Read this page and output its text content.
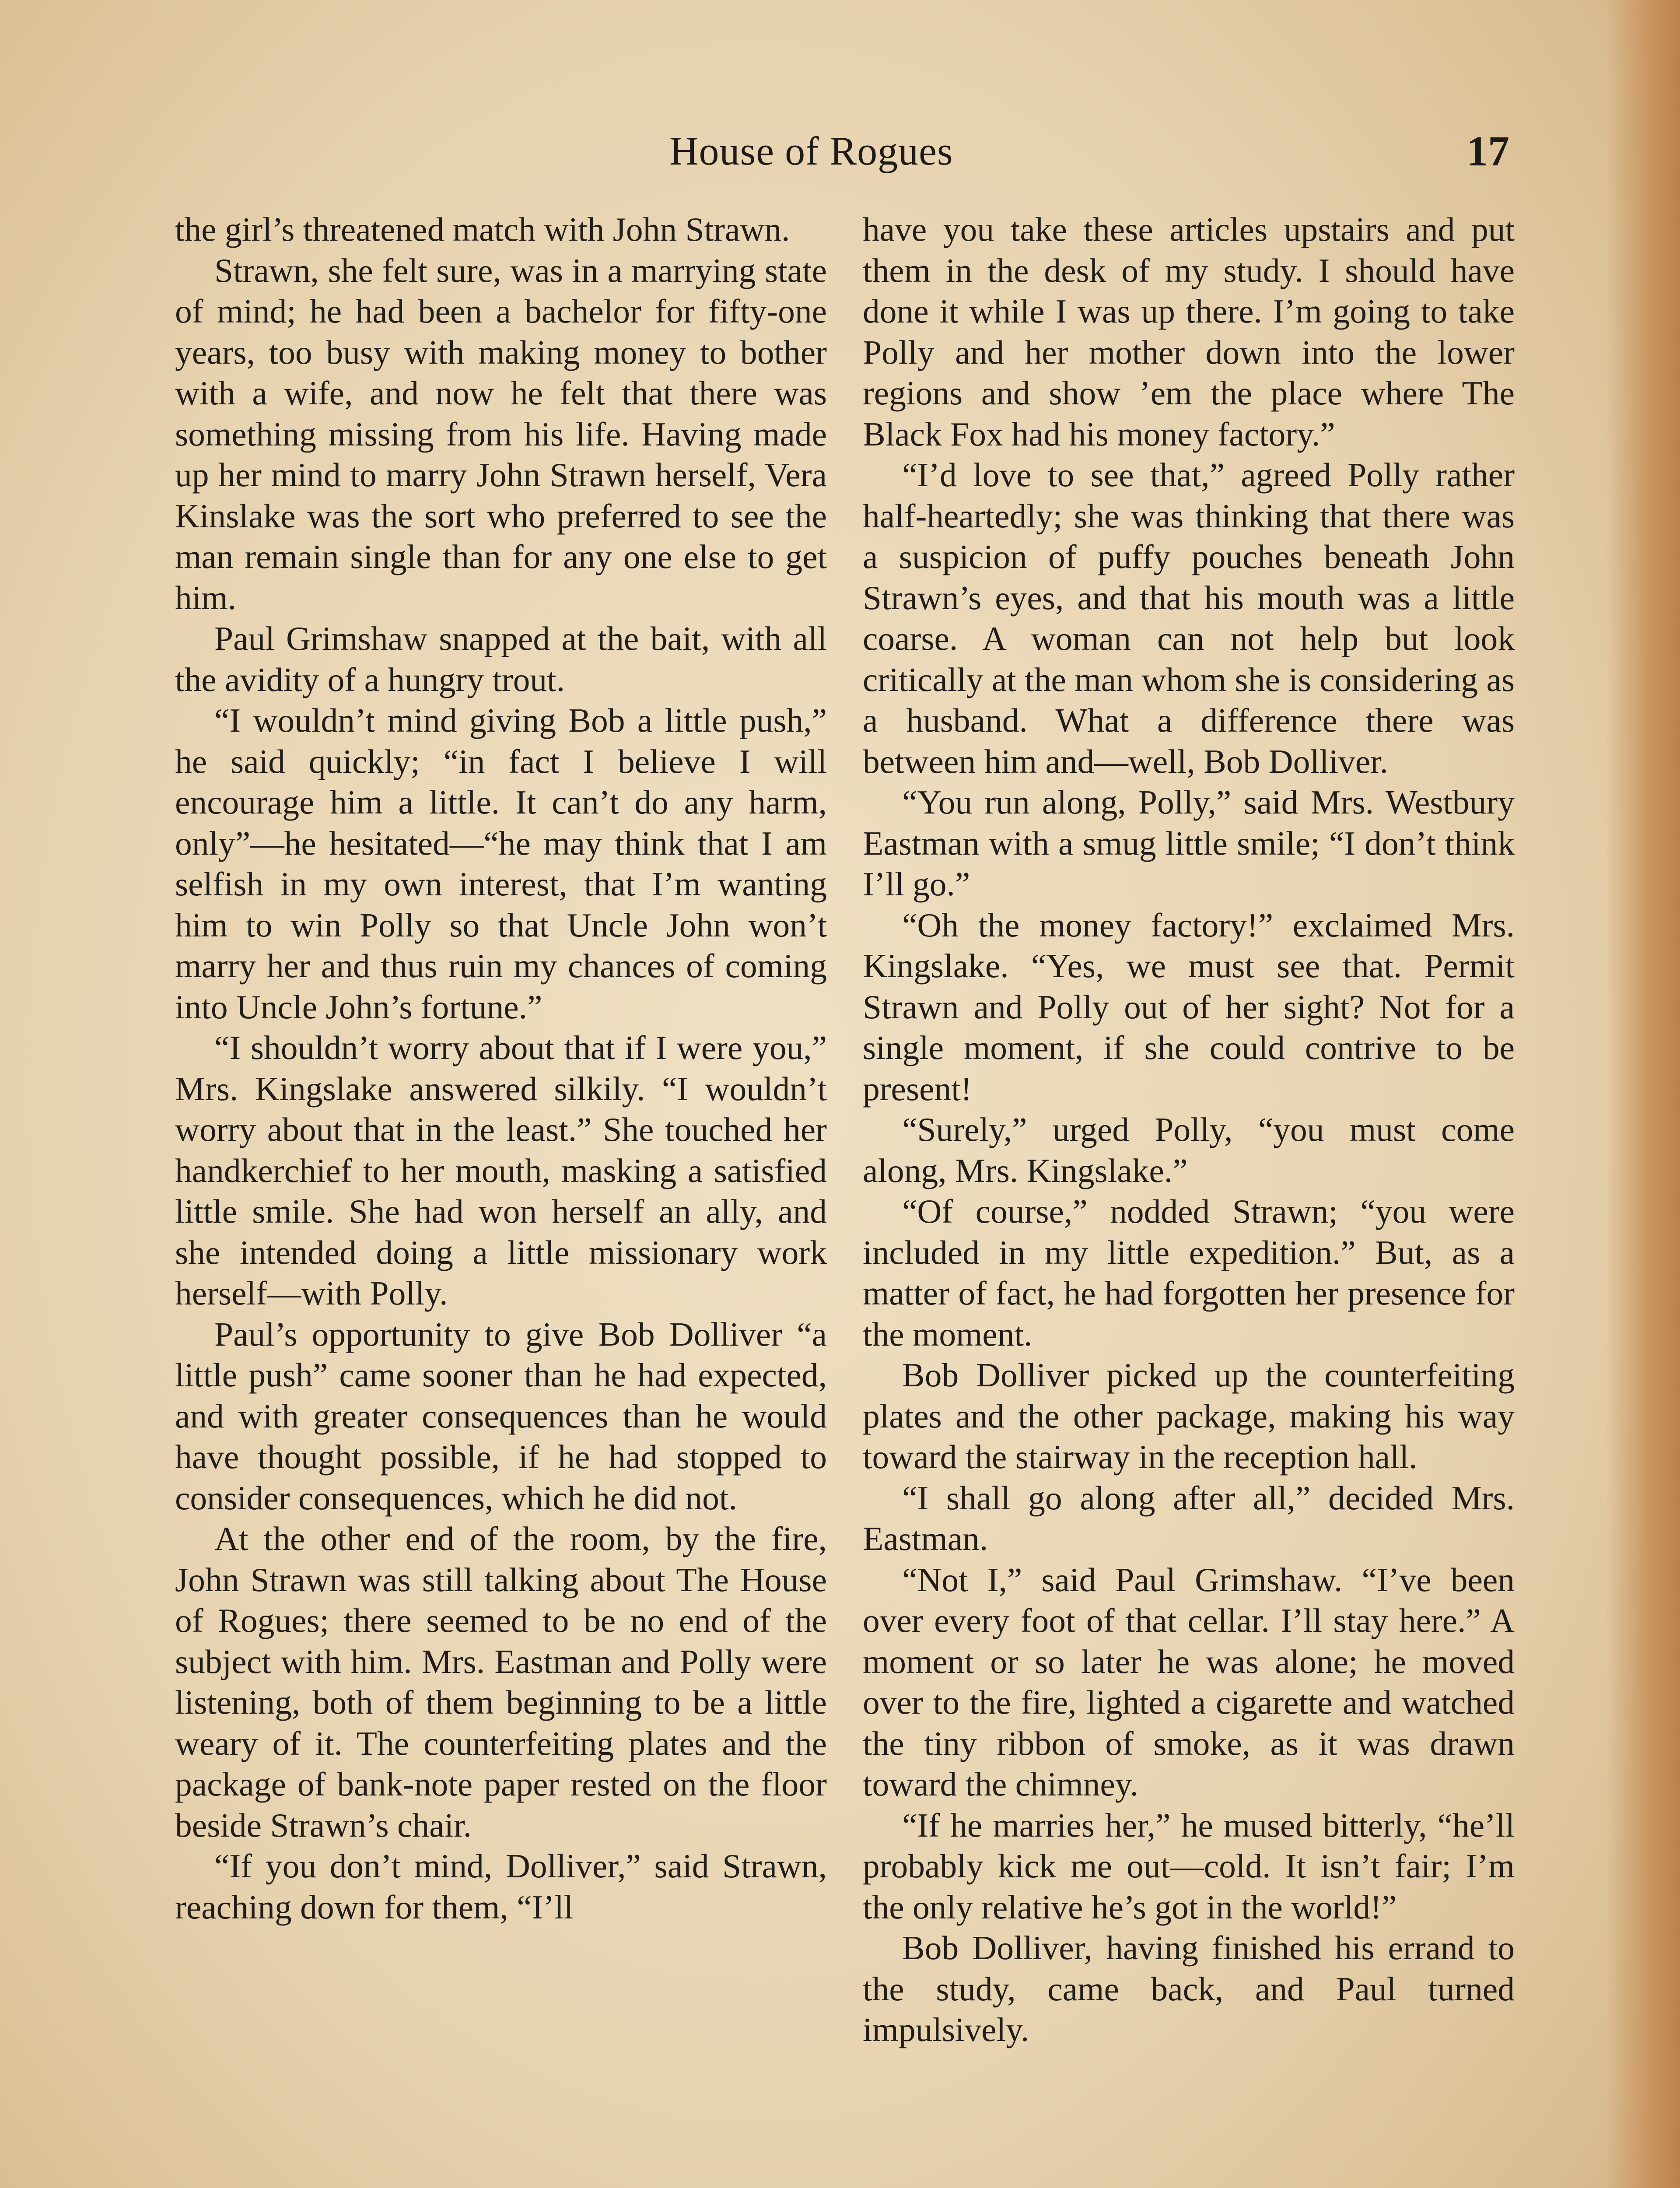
House of Rogues	17

the girl’s threatened match with John Strawn.

Strawn, she felt sure, was in a marrying state of mind; he had been a bachelor for fifty-one years, too busy with making money to bother with a wife, and now he felt that there was something missing from his life. Having made up her mind to marry John Strawn herself, Vera Kinslake was the sort who preferred to see the man remain single than for any one else to get him.

Paul Grimshaw snapped at the bait, with all the avidity of a hungry trout.

“I wouldn’t mind giving Bob a little push,” he said quickly; “in fact I believe I will encourage him a little. It can’t do any harm, only”—he hesitated—“he may think that I am selfish in my own interest, that I’m wanting him to win Polly so that Uncle John won’t marry her and thus ruin my chances of coming into Uncle John’s fortune.”

“I shouldn’t worry about that if I were you,” Mrs. Kingslake answered silkily. “I wouldn’t worry about that in the least.” She touched her handkerchief to her mouth, masking a satisfied little smile. She had won herself an ally, and she intended doing a little missionary work herself—with Polly.

Paul’s opportunity to give Bob Dolliver “a little push” came sooner than he had expected, and with greater consequences than he would have thought possible, if he had stopped to consider consequences, which he did not.

At the other end of the room, by the fire, John Strawn was still talking about The House of Rogues; there seemed to be no end of the subject with him. Mrs. Eastman and Polly were listening, both of them beginning to be a little weary of it. The counterfeiting plates and the package of bank-note paper rested on the floor beside Strawn’s chair.

“If you don’t mind, Dolliver,” said Strawn, reaching down for them, “I’ll

have you take these articles upstairs and put them in the desk of my study. I should have done it while I was up there. I’m going to take Polly and her mother down into the lower regions and show ’em the place where The Black Fox had his money factory.”

“I’d love to see that,” agreed Polly rather half-heartedly; she was thinking that there was a suspicion of puffy pouches beneath John Strawn’s eyes, and that his mouth was a little coarse. A woman can not help but look critically at the man whom she is considering as a husband. What a difference there was between him and—well, Bob Dolliver.

“You run along, Polly,” said Mrs. Westbury Eastman with a smug little smile; “I don’t think I’ll go.”

“Oh the money factory!” exclaimed Mrs. Kingslake. “Yes, we must see that. Permit Strawn and Polly out of her sight? Not for a single moment, if she could contrive to be present!

“Surely,” urged Polly, “you must come along, Mrs. Kingslake.”

“Of course,” nodded Strawn; “you were included in my little expedition.” But, as a matter of fact, he had forgotten her presence for the moment.

Bob Dolliver picked up the counterfeiting plates and the other package, making his way toward the stairway in the reception hall.

“I shall go along after all,” decided Mrs. Eastman.

“Not I,” said Paul Grimshaw. “I’ve been over every foot of that cellar. I’ll stay here.” A moment or so later he was alone; he moved over to the fire, lighted a cigarette and watched the tiny ribbon of smoke, as it was drawn toward the chimney.

“If he marries her,” he mused bitterly, “he’ll probably kick me out—cold. It isn’t fair; I’m the only relative he’s got in the world!”

Bob Dolliver, having finished his errand to the study, came back, and Paul turned impulsively.
